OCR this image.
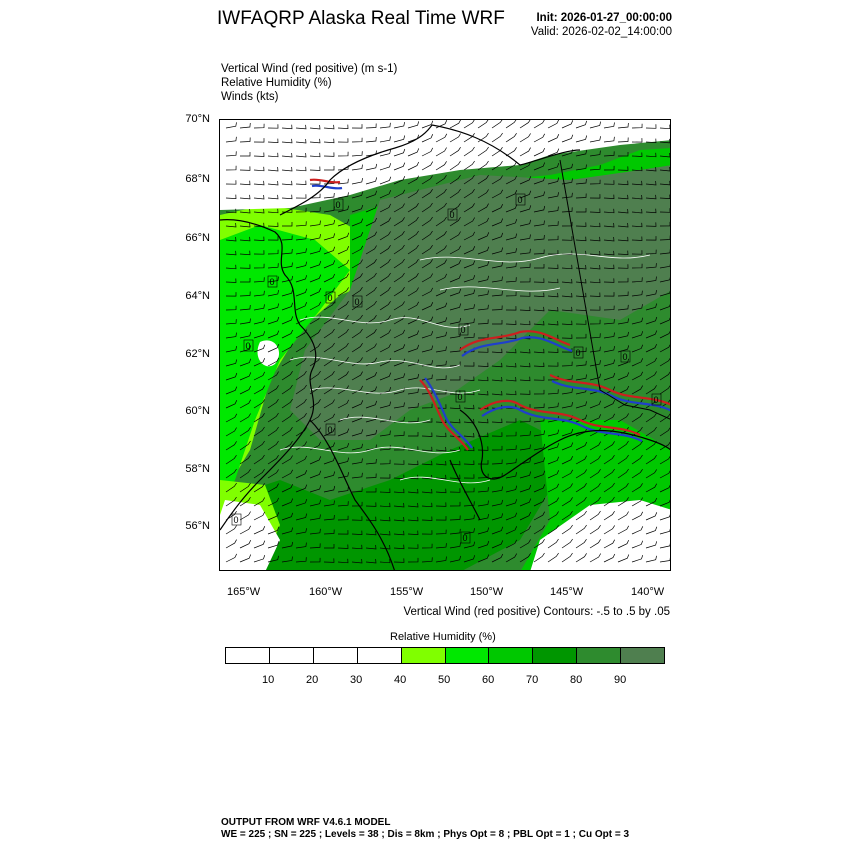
IWFAQRP Alaska Real Time WRF	Init: 2026-01-27_00:00:00
Valid: 2026-02-02_14:00:00
Vertical Wind (red positive) (m s-1)
Relative Humidity (%)
Winds (kts)
0
0
0
0
0
0
0
0	0
0
0
0	0
0
0
70°N
68°N
66°N
64°N
62°N
60°N
58°N
56°N
165°W	160°W	155°W	150°W	145°W	140°W
Vertical Wind (red positive) Contours: -.5 to .5 by .05
Relative Humidity (%)
10	20	30	40	50	60	70	80	90
OUTPUT FROM WRF V4.6.1 MODEL
WE = 225 ; SN = 225 ; Levels = 38 ; Dis = 8km ; Phys Opt = 8 ; PBL Opt = 1 ; Cu Opt = 3
